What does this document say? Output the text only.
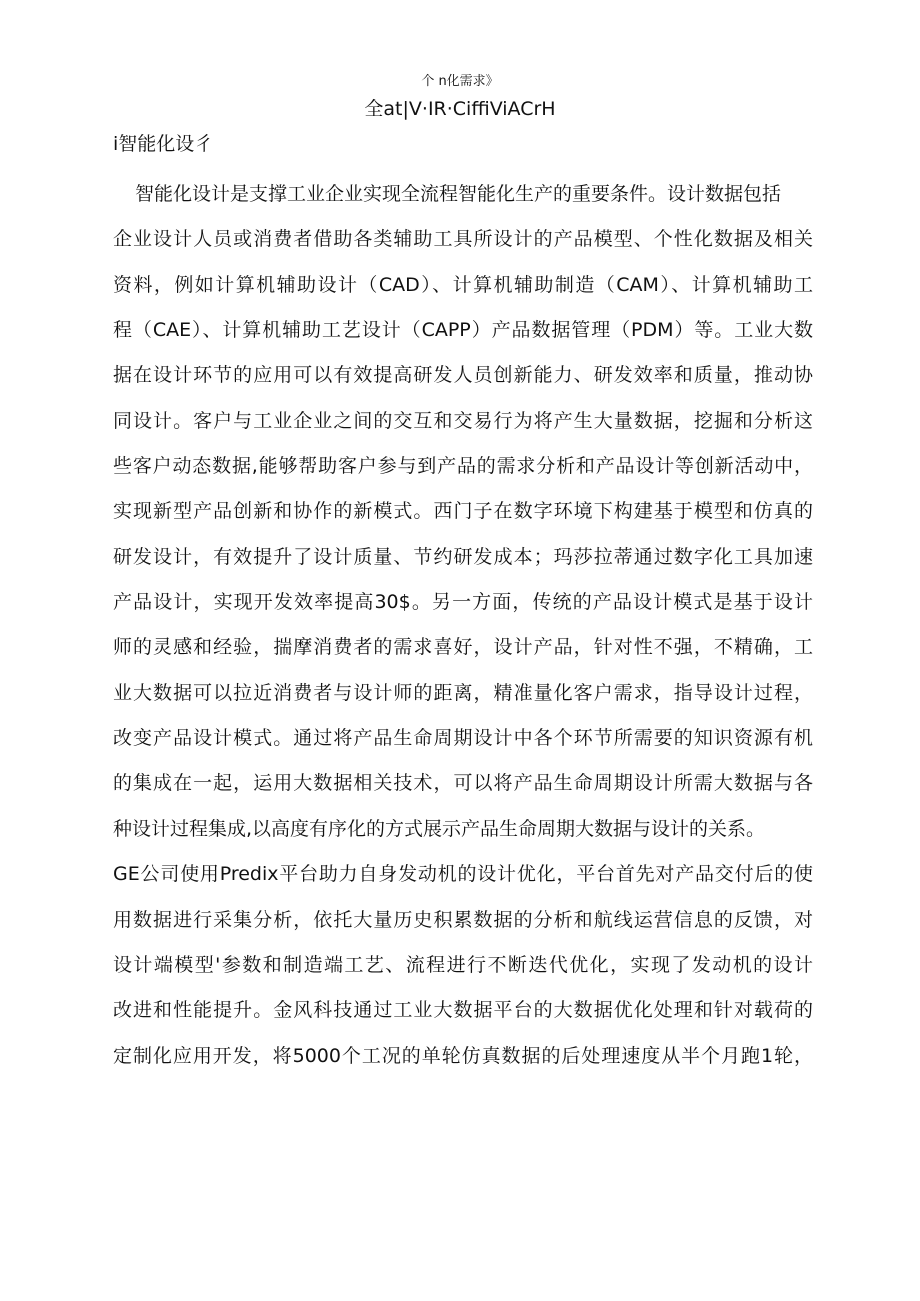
个 n化需求》
全at|V·IR·CiffiViACrH
i智能化设彳
智能化设计是支撑工业企业实现全流程智能化生产的重要条件。设计数据包括
企业设计人员或消费者借助各类辅助工具所设计的产品模型、个性化数据及相关
资料，例如计算机辅助设计（CAD）、计算机辅助制造（CAM）、计算机辅助工
程（CAE）、计算机辅助工艺设计（CAPP）产品数据管理（PDM）等。工业大数
据在设计环节的应用可以有效提高研发人员创新能力、研发效率和质量，推动协
同设计。客户与工业企业之间的交互和交易行为将产生大量数据，挖掘和分析这
些客户动态数据,能够帮助客户参与到产品的需求分析和产品设计等创新活动中，
实现新型产品创新和协作的新模式。西门子在数字环境下构建基于模型和仿真的
研发设计，有效提升了设计质量、节约研发成本；玛莎拉蒂通过数字化工具加速
产品设计，实现开发效率提高30$。另一方面，传统的产品设计模式是基于设计
师的灵感和经验，揣摩消费者的需求喜好，设计产品，针对性不强，不精确，工
业大数据可以拉近消费者与设计师的距离，精准量化客户需求，指导设计过程，
改变产品设计模式。通过将产品生命周期设计中各个环节所需要的知识资源有机
的集成在一起，运用大数据相关技术，可以将产品生命周期设计所需大数据与各
种设计过程集成,以高度有序化的方式展示产品生命周期大数据与设计的关系。
GE公司使用Predix平台助力自身发动机的设计优化，平台首先对产品交付后的使
用数据进行采集分析，依托大量历史积累数据的分析和航线运营信息的反馈，对
设计端模型'参数和制造端工艺、流程进行不断迭代优化，实现了发动机的设计
改进和性能提升。金风科技通过工业大数据平台的大数据优化处理和针对载荷的
定制化应用开发，将5000个工况的单轮仿真数据的后处理速度从半个月跑1轮，
